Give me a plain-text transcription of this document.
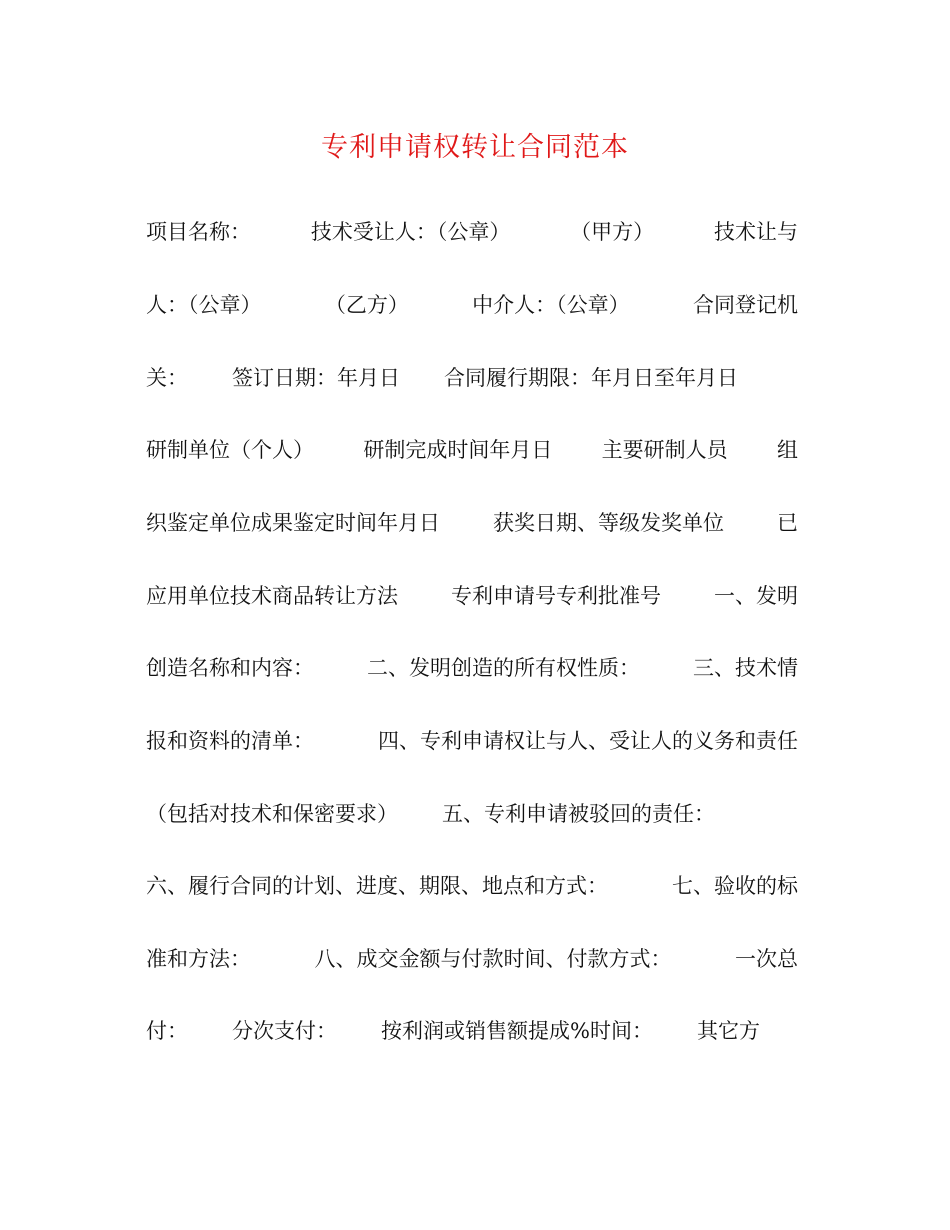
专利申请权转让合同范本
项目名称：	技术受让人：（公章）	（甲方）	技术让与
人：（公章）	（乙方）	中介人：（公章）	合同登记机
关： 签订日期：年月日 合同履行期限：年月日至年月日
研制单位（个人） 研制完成时间年月日 主要研制人员 组
织鉴定单位成果鉴定时间年月日	获奖日期、等级发奖单位	已
应用单位技术商品转让方法	专利申请号专利批准号	一、发明
创造名称和内容：	二、发明创造的所有权性质：	三、技术情
报和资料的清单：	四、专利申请权让与人、受让人的义务和责任
（包括对技术和保密要求） 五、专利申请被驳回的责任：
六、履行合同的计划、进度、期限、地点和方式：	七、验收的标
准和方法：	八、成交金额与付款时间、付款方式：	一次总
付： 分次支付： 按利润或销售额提成%时间： 其它方
